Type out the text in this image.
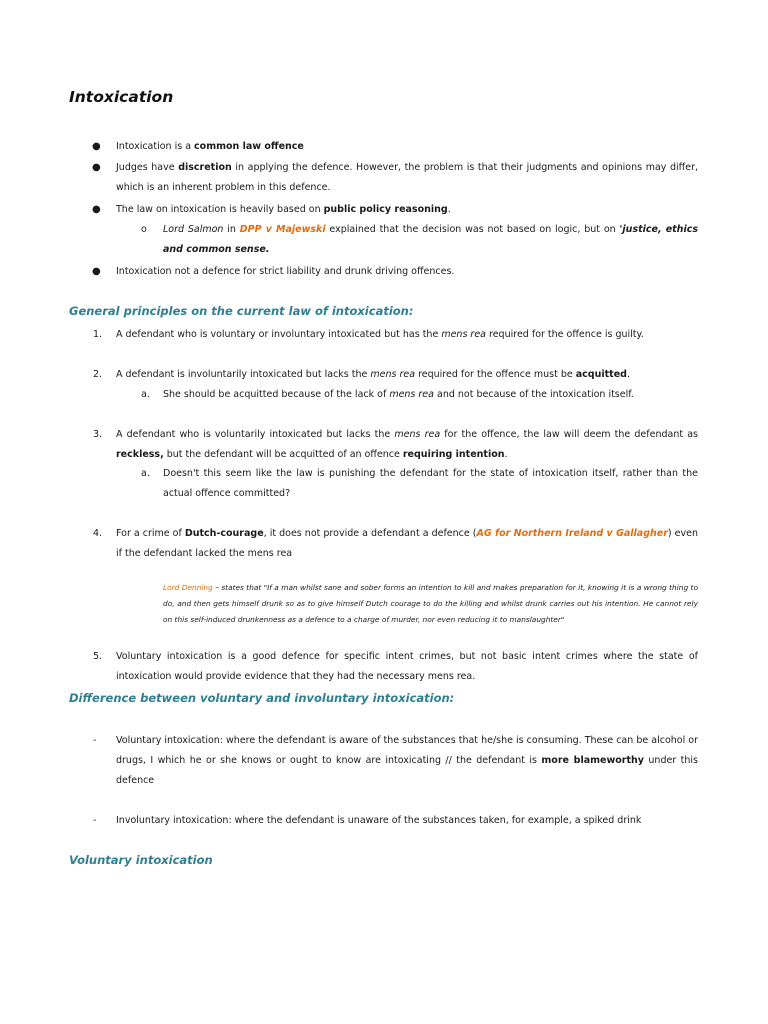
Intoxication
● Intoxication is a common law offence
● Judges have discretion in applying the defence. However, the problem is that their judgments and opinions may differ, which is an inherent problem in this defence.
● The law on intoxication is heavily based on public policy reasoning.
o Lord Salmon in DPP v Majewski explained that the decision was not based on logic, but on 'justice, ethics and common sense.
● Intoxication not a defence for strict liability and drunk driving offences.
General principles on the current law of intoxication:
1. A defendant who is voluntary or involuntary intoxicated but has the mens rea required for the offence is guilty.
2. A defendant is involuntarily intoxicated but lacks the mens rea required for the offence must be acquitted.
a. She should be acquitted because of the lack of mens rea and not because of the intoxication itself.
3. A defendant who is voluntarily intoxicated but lacks the mens rea for the offence, the law will deem the defendant as reckless, but the defendant will be acquitted of an offence requiring intention.
a. Doesn't this seem like the law is punishing the defendant for the state of intoxication itself, rather than the actual offence committed?
4. For a crime of Dutch-courage, it does not provide a defendant a defence (AG for Northern Ireland v Gallagher) even if the defendant lacked the mens rea
Lord Denning – states that "If a man whilst sane and sober forms an intention to kill and makes preparation for it, knowing it is a wrong thing to do, and then gets himself drunk so as to give himself Dutch courage to do the killing and whilst drunk carries out his intention. He cannot rely on this self-induced drunkenness as a defence to a charge of murder, nor even reducing it to manslaughter"
5. Voluntary intoxication is a good defence for specific intent crimes, but not basic intent crimes where the state of intoxication would provide evidence that they had the necessary mens rea.
Difference between voluntary and involuntary intoxication:
- Voluntary intoxication: where the defendant is aware of the substances that he/she is consuming. These can be alcohol or drugs, I which he or she knows or ought to know are intoxicating // the defendant is more blameworthy under this defence
- Involuntary intoxication: where the defendant is unaware of the substances taken, for example, a spiked drink
Voluntary intoxication
